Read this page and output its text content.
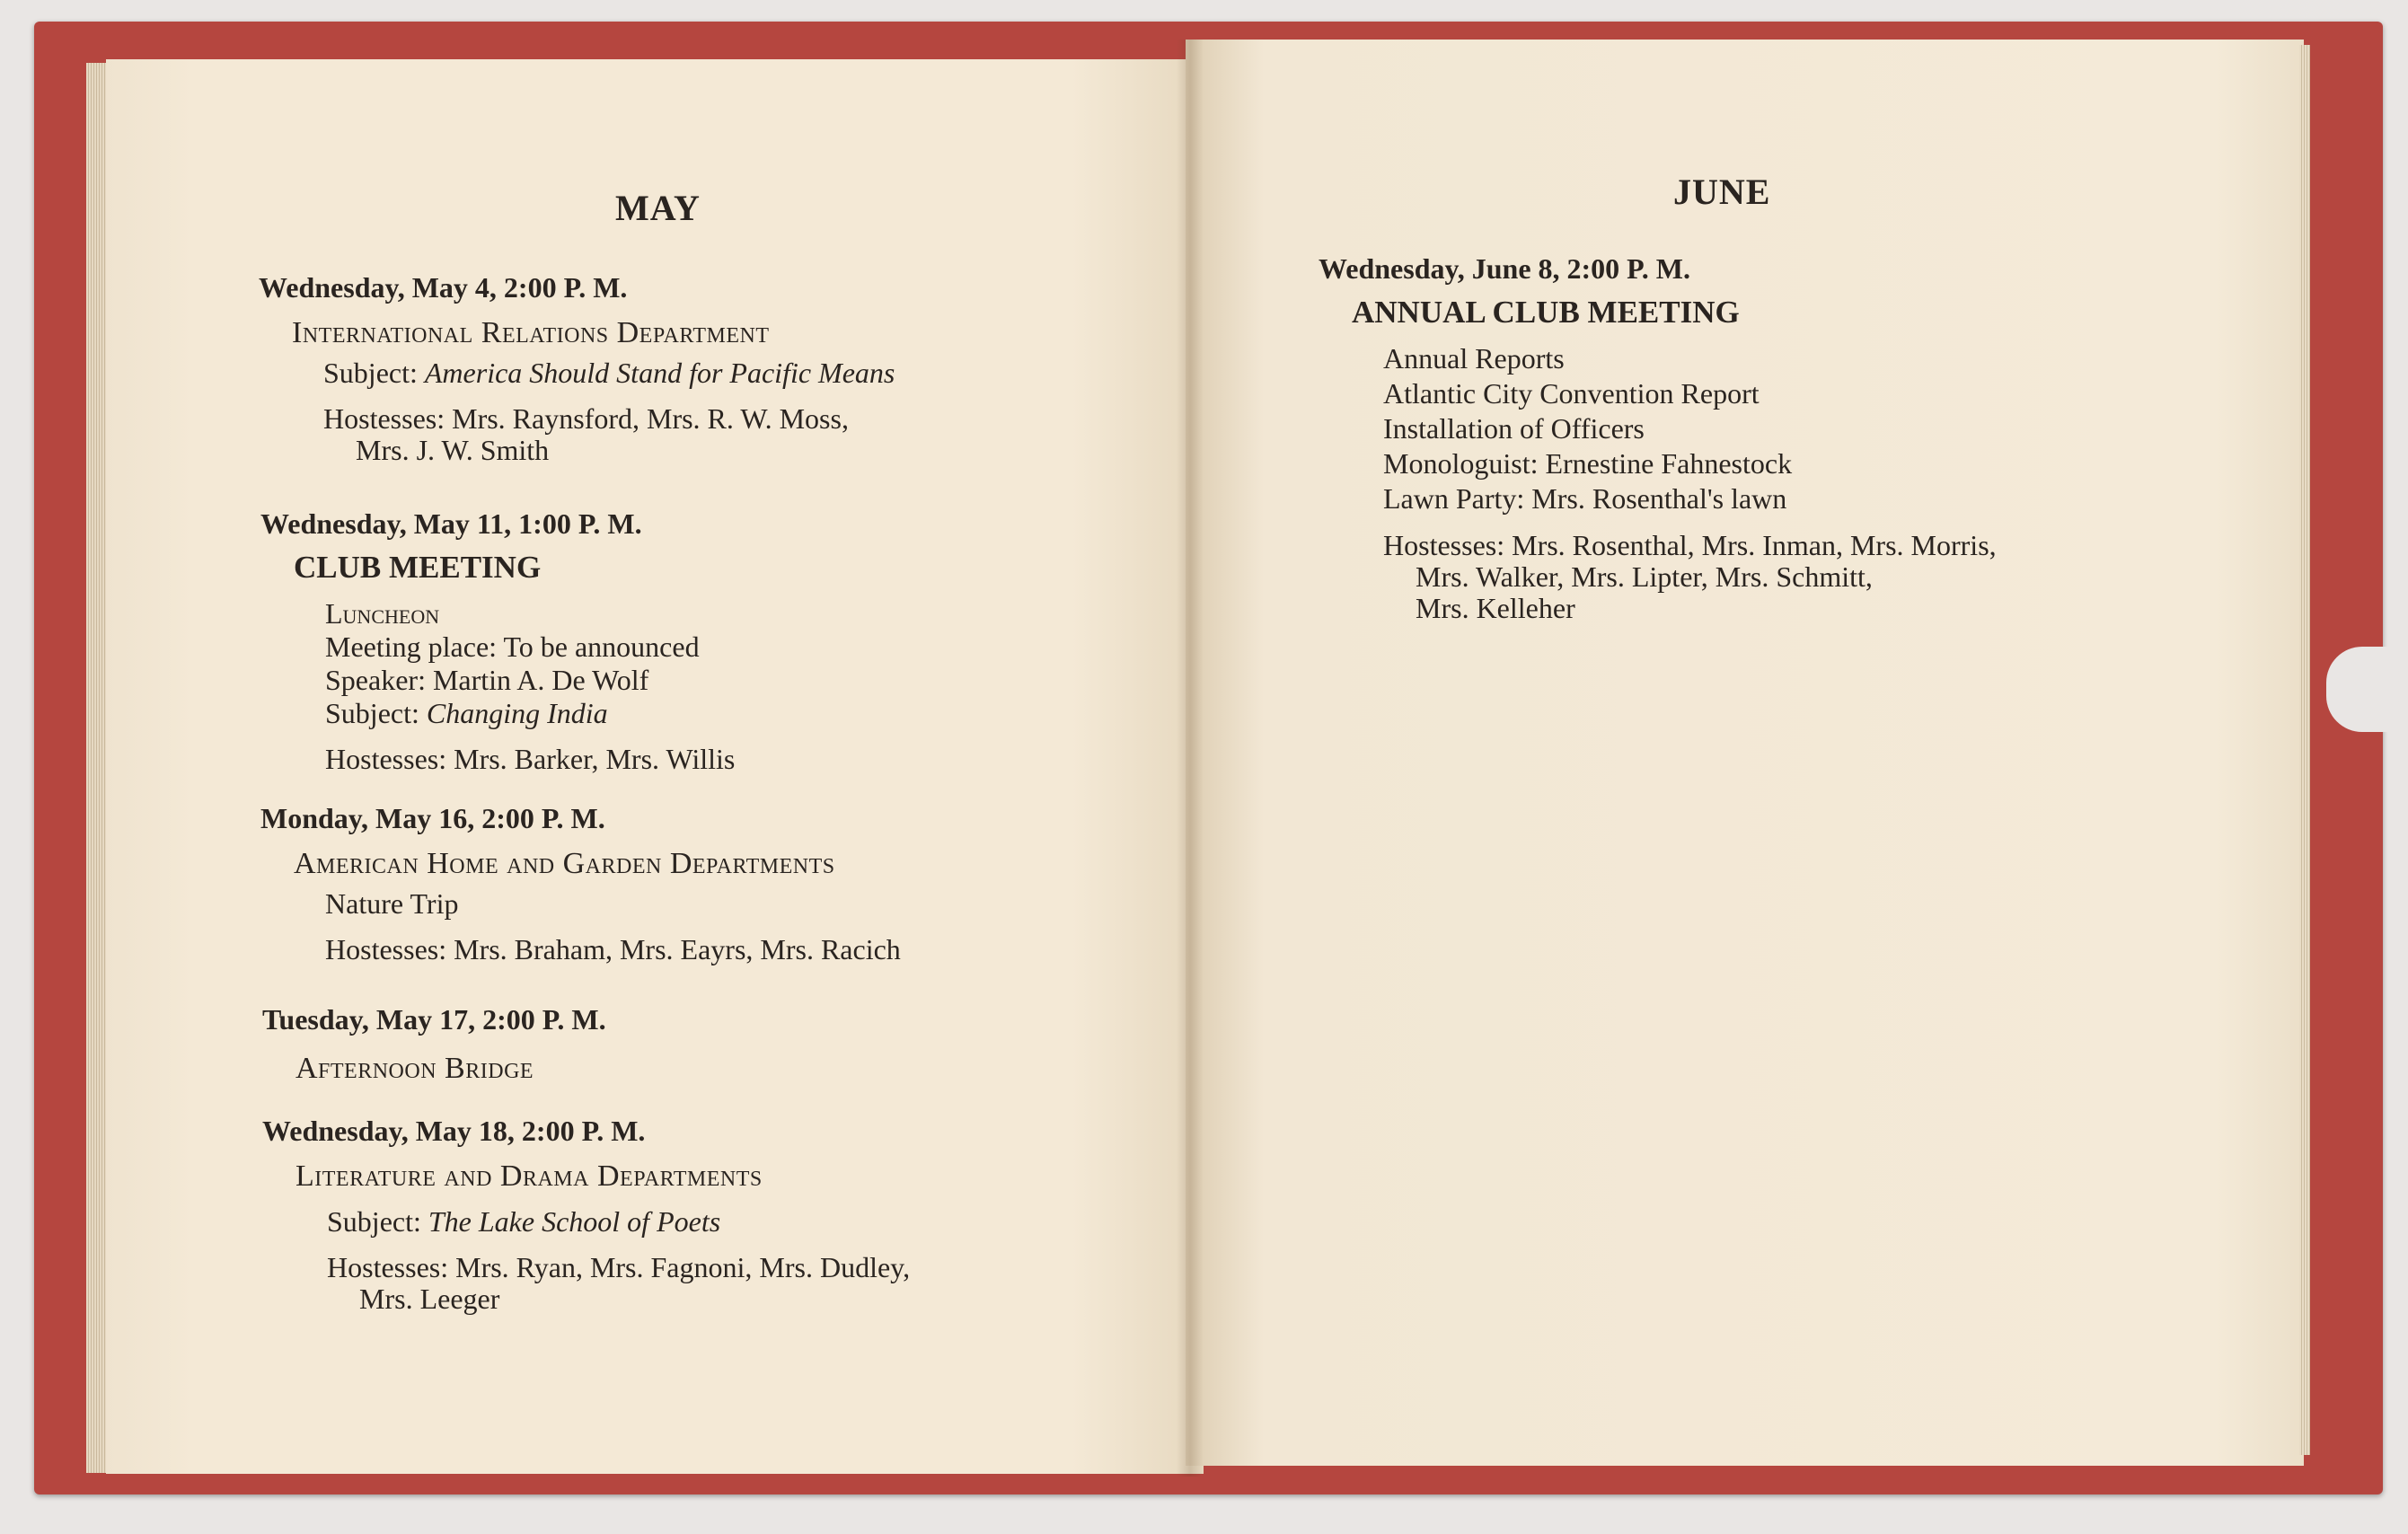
MAY
Wednesday, May 4, 2:00 P. M.
International Relations Department
Subject: America Should Stand for Pacific Means
Hostesses: Mrs. Raynsford, Mrs. R. W. Moss,
Mrs. J. W. Smith
Wednesday, May 11, 1:00 P. M.
CLUB MEETING
Luncheon
Meeting place: To be announced
Speaker: Martin A. De Wolf
Subject: Changing India
Hostesses: Mrs. Barker, Mrs. Willis
Monday, May 16, 2:00 P. M.
American Home and Garden Departments
Nature Trip
Hostesses: Mrs. Braham, Mrs. Eayrs, Mrs. Racich
Tuesday, May 17, 2:00 P. M.
Afternoon Bridge
Wednesday, May 18, 2:00 P. M.
Literature and Drama Departments
Subject: The Lake School of Poets
Hostesses: Mrs. Ryan, Mrs. Fagnoni, Mrs. Dudley,
Mrs. Leeger
JUNE
Wednesday, June 8, 2:00 P. M.
ANNUAL CLUB MEETING
Annual Reports
Atlantic City Convention Report
Installation of Officers
Monologuist: Ernestine Fahnestock
Lawn Party: Mrs. Rosenthal's lawn
Hostesses: Mrs. Rosenthal, Mrs. Inman, Mrs. Morris,
Mrs. Walker, Mrs. Lipter, Mrs. Schmitt,
Mrs. Kelleher
